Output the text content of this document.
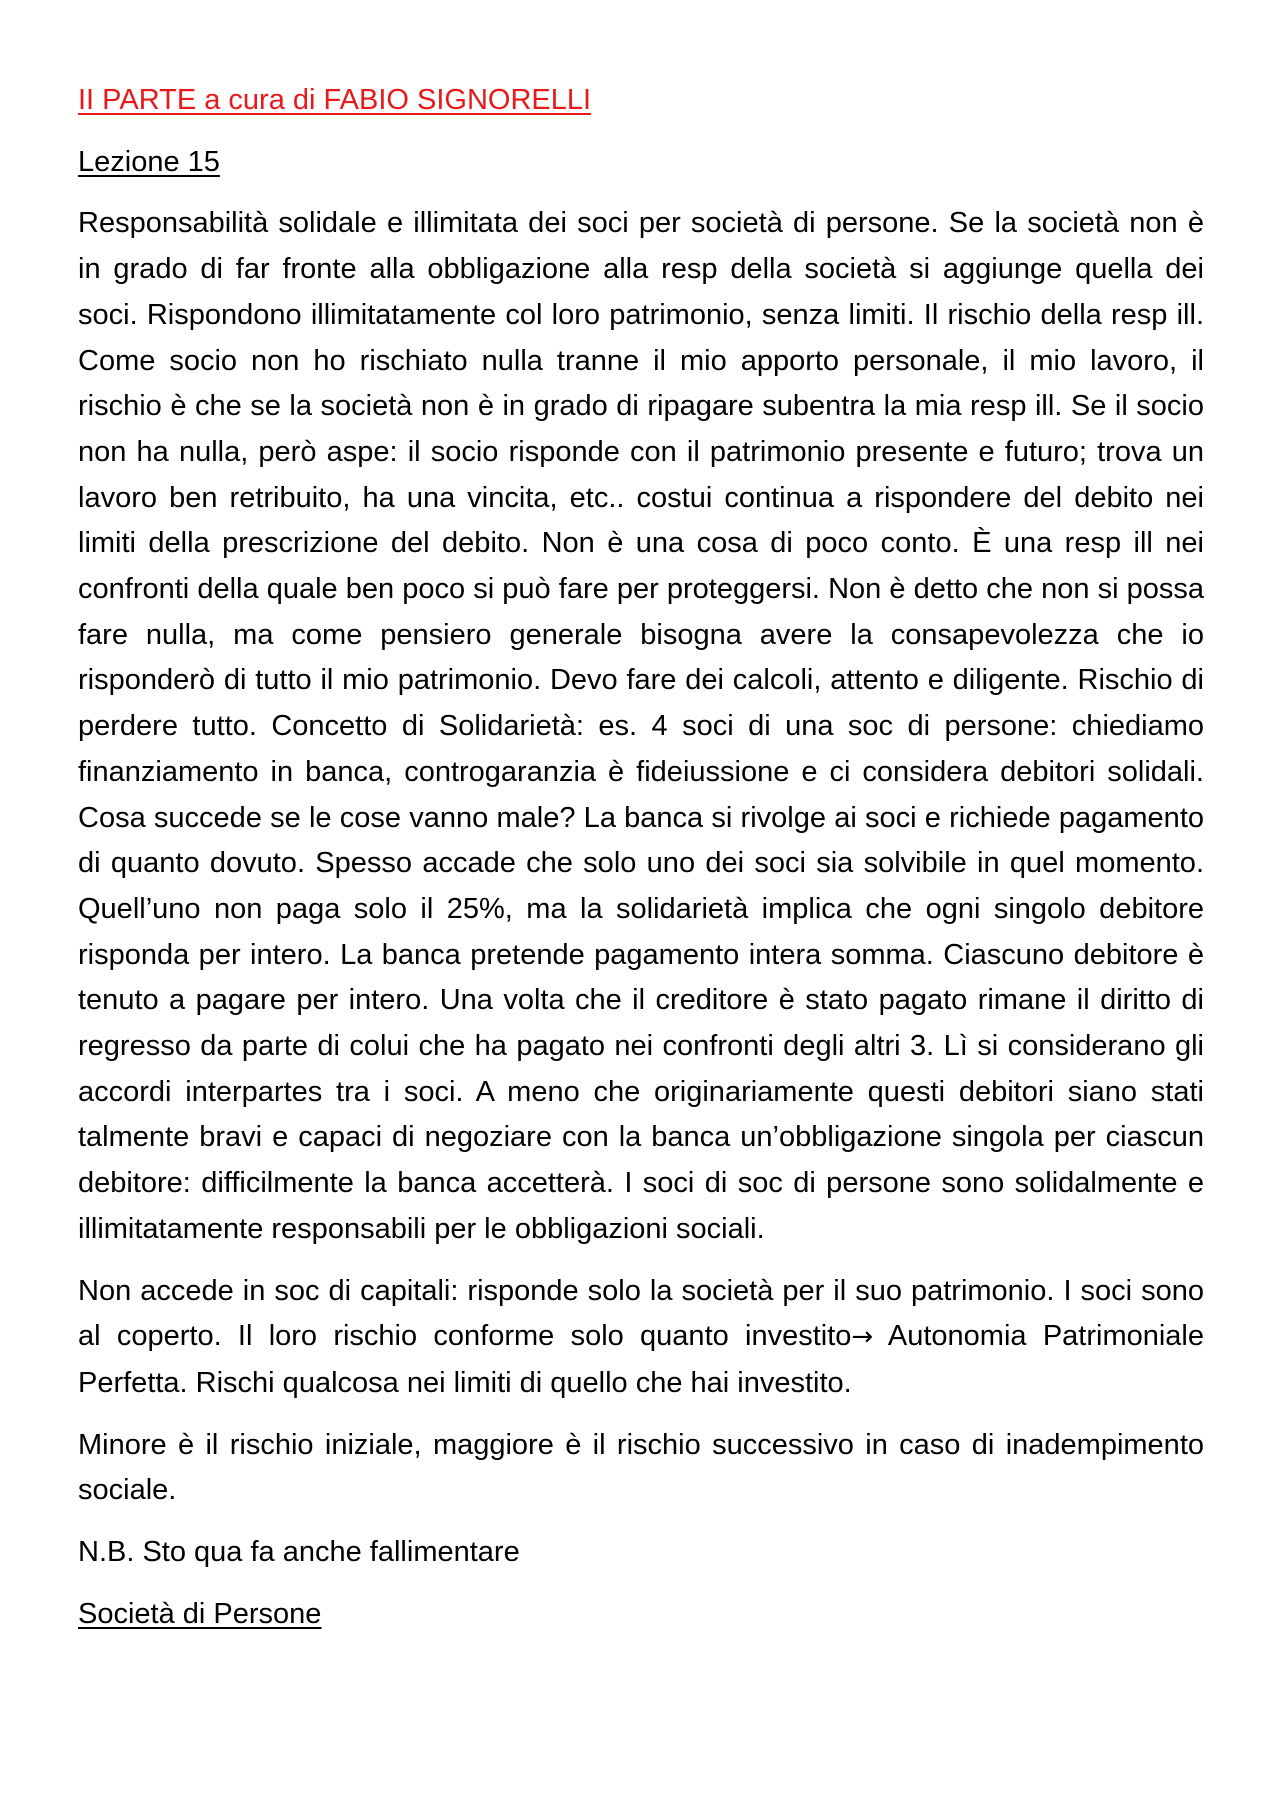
II PARTE a cura di FABIO SIGNORELLI

Lezione 15

Responsabilità solidale e illimitata dei soci per società di persone. Se la società non è in grado di far fronte alla obbligazione alla resp della società si aggiunge quella dei soci. Rispondono illimitatamente col loro patrimonio, senza limiti. Il rischio della resp ill. Come socio non ho rischiato nulla tranne il mio apporto personale, il mio lavoro, il rischio è che se la società non è in grado di ripagare subentra la mia resp ill. Se il socio non ha nulla, però aspe: il socio risponde con il patrimonio presente e futuro; trova un lavoro ben retribuito, ha una vincita, etc.. costui continua a rispondere del debito nei limiti della prescrizione del debito. Non è una cosa di poco conto. È una resp ill nei confronti della quale ben poco si può fare per proteggersi. Non è detto che non si possa fare nulla, ma come pensiero generale bisogna avere la consapevolezza che io risponderò di tutto il mio patrimonio. Devo fare dei calcoli, attento e diligente. Rischio di perdere tutto. Concetto di Solidarietà: es. 4 soci di una soc di persone: chiediamo finanziamento in banca, controgaranzia è fideiussione e ci considera debitori solidali. Cosa succede se le cose vanno male? La banca si rivolge ai soci e richiede pagamento di quanto dovuto. Spesso accade che solo uno dei soci sia solvibile in quel momento. Quell’uno non paga solo il 25%, ma la solidarietà implica che ogni singolo debitore risponda per intero. La banca pretende pagamento intera somma. Ciascuno debitore è tenuto a pagare per intero. Una volta che il creditore è stato pagato rimane il diritto di regresso da parte di colui che ha pagato nei confronti degli altri 3. Lì si considerano gli accordi interpartes tra i soci. A meno che originariamente questi debitori siano stati talmente bravi e capaci di negoziare con la banca un’obbligazione singola per ciascun debitore: difficilmente la banca accetterà. I soci di soc di persone sono solidalmente e illimitatamente responsabili per le obbligazioni sociali.

Non accede in soc di capitali: risponde solo la società per il suo patrimonio. I soci sono al coperto. Il loro rischio conforme solo quanto investito→ Autonomia Patrimoniale Perfetta. Rischi qualcosa nei limiti di quello che hai investito.

Minore è il rischio iniziale, maggiore è il rischio successivo in caso di inadempimento sociale.

N.B. Sto qua fa anche fallimentare

Società di Persone
